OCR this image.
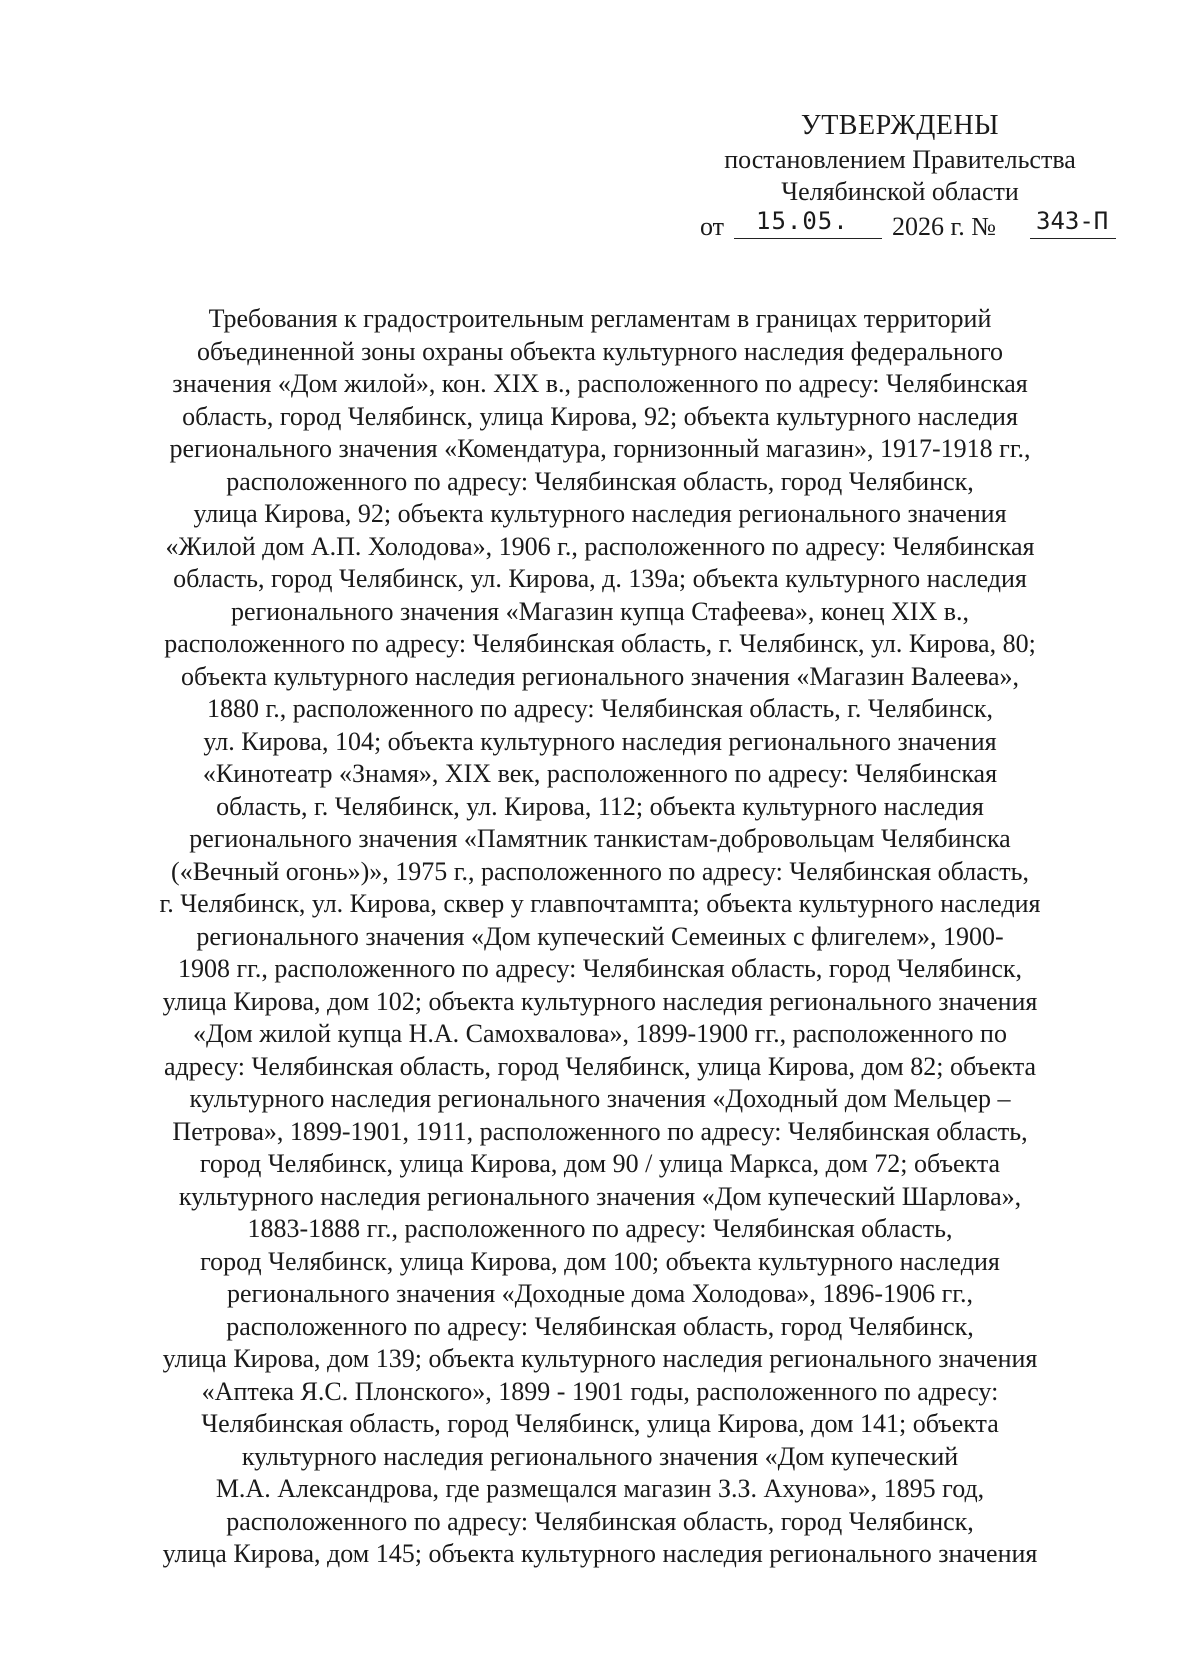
УТВЕРЖДЕНЫ
постановлением Правительства
Челябинской области
от 15.05. 2026 г. № 343-П
Требования к градостроительным регламентам в границах территорий
объединенной зоны охраны объекта культурного наследия федерального
значения «Дом жилой», кон. XIX в., расположенного по адресу: Челябинская
область, город Челябинск, улица Кирова, 92; объекта культурного наследия
регионального значения «Комендатура, горнизонный магазин», 1917-1918 гг.,
расположенного по адресу: Челябинская область, город Челябинск,
улица Кирова, 92; объекта культурного наследия регионального значения
«Жилой дом А.П. Холодова», 1906 г., расположенного по адресу: Челябинская
область, город Челябинск, ул. Кирова, д. 139а; объекта культурного наследия
регионального значения «Магазин купца Стафеева», конец XIX в.,
расположенного по адресу: Челябинская область, г. Челябинск, ул. Кирова, 80;
объекта культурного наследия регионального значения «Магазин Валеева»,
1880 г., расположенного по адресу: Челябинская область, г. Челябинск,
ул. Кирова, 104; объекта культурного наследия регионального значения
«Кинотеатр «Знамя», XIX век, расположенного по адресу: Челябинская
область, г. Челябинск, ул. Кирова, 112; объекта культурного наследия
регионального значения «Памятник танкистам-добровольцам Челябинска
(«Вечный огонь»)», 1975 г., расположенного по адресу: Челябинская область,
г. Челябинск, ул. Кирова, сквер у главпочтампта; объекта культурного наследия
регионального значения «Дом купеческий Семеиных с флигелем», 1900-
1908 гг., расположенного по адресу: Челябинская область, город Челябинск,
улица Кирова, дом 102; объекта культурного наследия регионального значения
«Дом жилой купца Н.А. Самохвалова», 1899-1900 гг., расположенного по
адресу: Челябинская область, город Челябинск, улица Кирова, дом 82; объекта
культурного наследия регионального значения «Доходный дом Мельцер –
Петрова», 1899-1901, 1911, расположенного по адресу: Челябинская область,
город Челябинск, улица Кирова, дом 90 / улица Маркса, дом 72; объекта
культурного наследия регионального значения «Дом купеческий Шарлова»,
1883-1888 гг., расположенного по адресу: Челябинская область,
город Челябинск, улица Кирова, дом 100; объекта культурного наследия
регионального значения «Доходные дома Холодова», 1896-1906 гг.,
расположенного по адресу: Челябинская область, город Челябинск,
улица Кирова, дом 139; объекта культурного наследия регионального значения
«Аптека Я.С. Плонского», 1899 - 1901 годы, расположенного по адресу:
Челябинская область, город Челябинск, улица Кирова, дом 141; объекта
культурного наследия регионального значения «Дом купеческий
М.А. Александрова, где размещался магазин З.З. Ахунова», 1895 год,
расположенного по адресу: Челябинская область, город Челябинск,
улица Кирова, дом 145; объекта культурного наследия регионального значения
